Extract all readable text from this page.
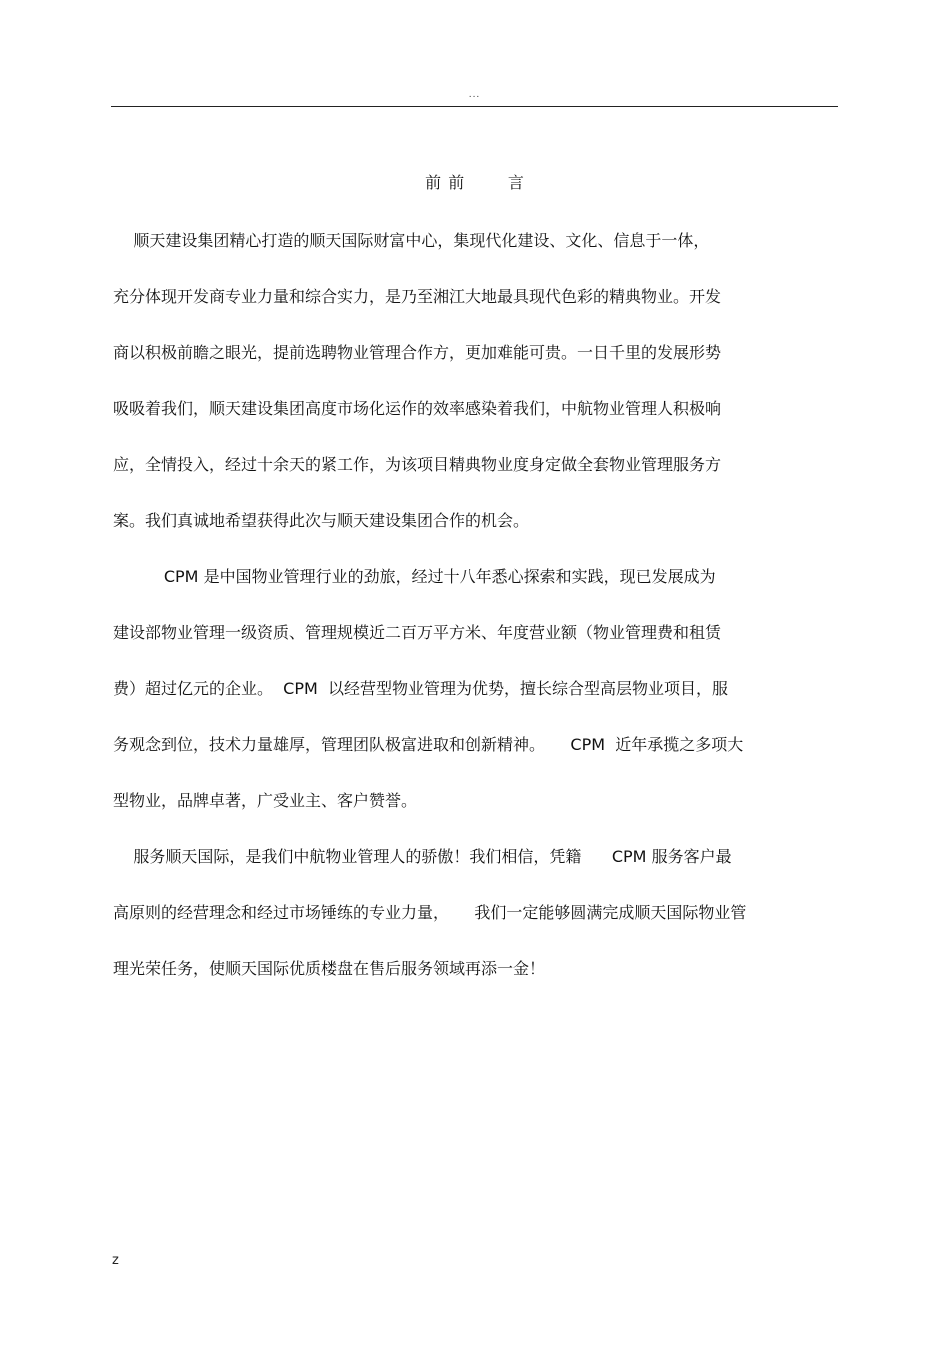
...
前 前       言
顺天建设集团精心打造的顺天国际财富中心，集现代化建设、文化、信息于一体，
充分体现开发商专业力量和综合实力，是乃至湘江大地最具现代色彩的精典物业。开发
商以积极前瞻之眼光，提前选聘物业管理合作方，更加难能可贵。一日千里的发展形势
吸吸着我们，顺天建设集团高度市场化运作的效率感染着我们，中航物业管理人积极响
应，全情投入，经过十余天的紧工作，为该项目精典物业度身定做全套物业管理服务方
案。我们真诚地希望获得此次与顺天建设集团合作的机会。
CPM 是中国物业管理行业的劲旅，经过十八年悉心探索和实践，现已发展成为
建设部物业管理一级资质、管理规模近二百万平方米、年度营业额（物业管理费和租赁
费）超过亿元的企业。  CPM  以经营型物业管理为优势，擅长综合型高层物业项目，服
务观念到位，技术力量雄厚，管理团队极富进取和创新精神。     CPM  近年承揽之多项大
型物业，品牌卓著，广受业主、客户赞誉。
服务顺天国际，是我们中航物业管理人的骄傲！我们相信，凭籍      CPM 服务客户最
高原则的经营理念和经过市场锤练的专业力量，     我们一定能够圆满完成顺天国际物业管
理光荣任务，使顺天国际优质楼盘在售后服务领域再添一金！
z
